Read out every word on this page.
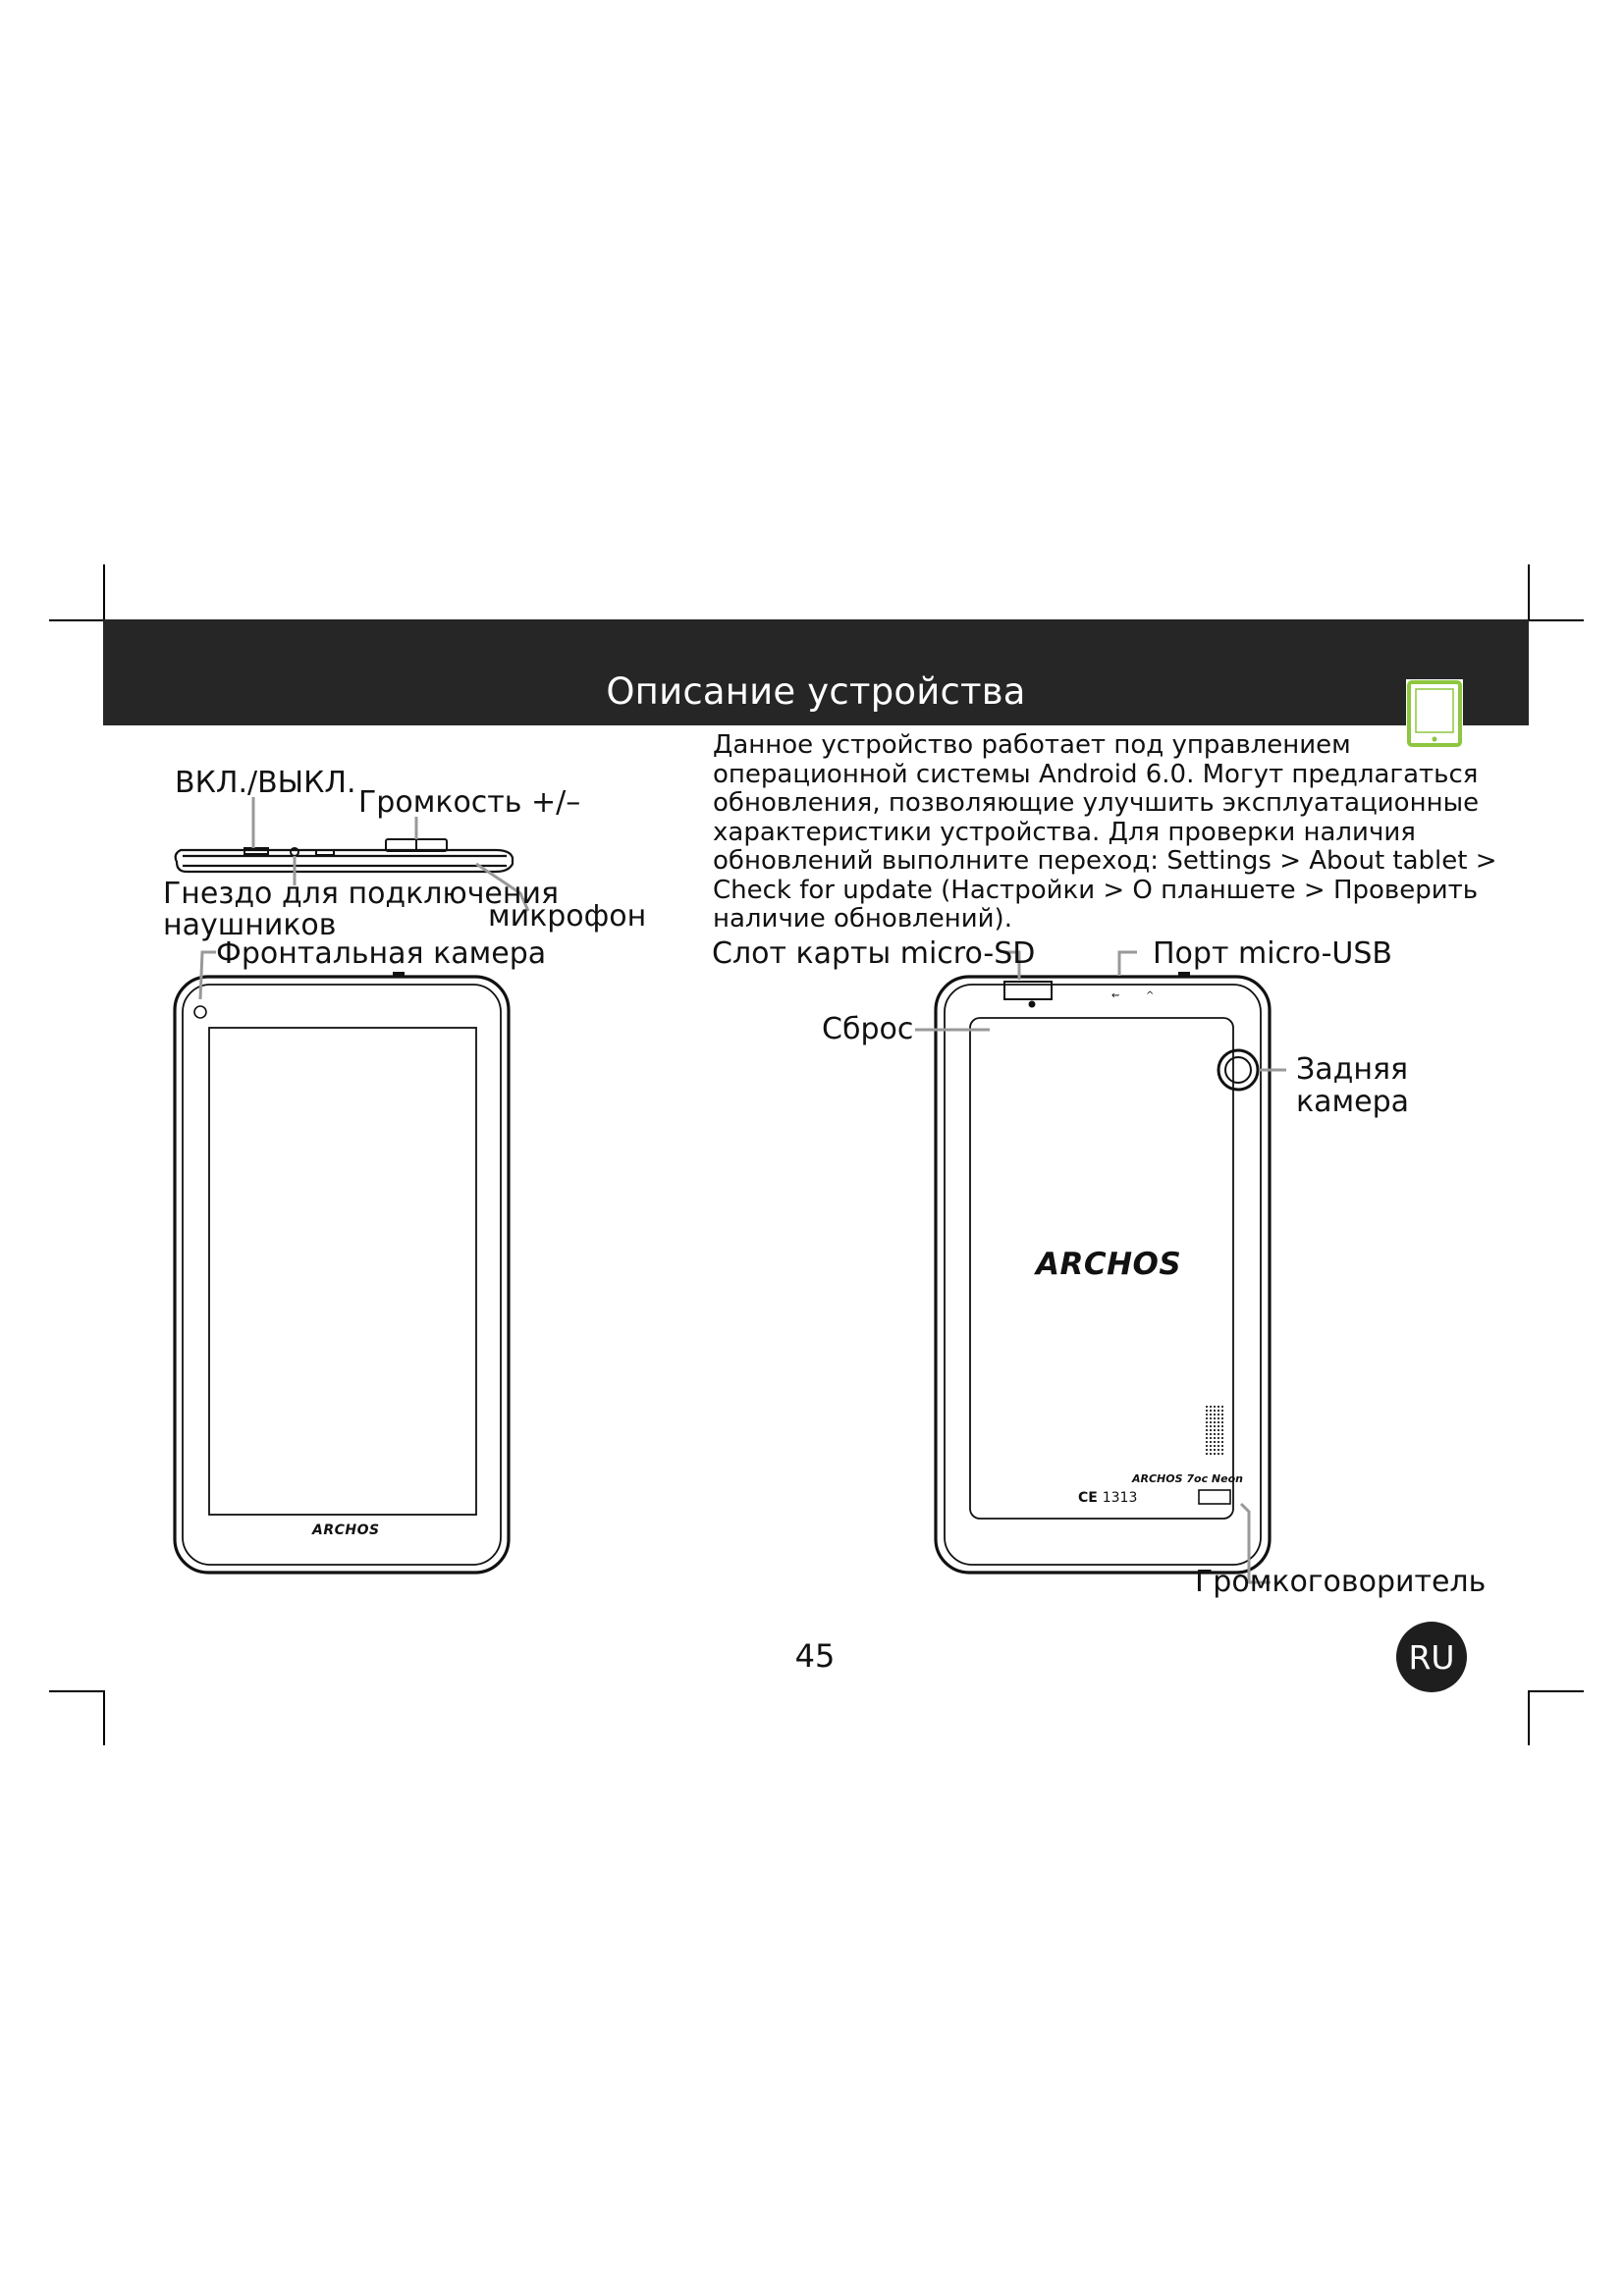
Описание устройства

Данное устройство работает под управлением операционной системы Android 6.0. Могут предлагаться обновления, позволяющие улучшить эксплуатационные характеристики устройства. Для проверки наличия обновлений выполните переход: Settings > About tablet > Check for update (Настройки > О планшете > Проверить наличие обновлений).

⇜	^
ARCHOS
ARCHOS
ARCHOS 7oc Neon
CE 1313
ВКЛ./ВЫКЛ.
Громкость +/–
Гнездо для подключения
наушников	микрофон
Фронтальная камера	Слот карты micro-SD	Порт micro-USB
Сброс
Задняя
камера
Громкоговоритель
45	RU
